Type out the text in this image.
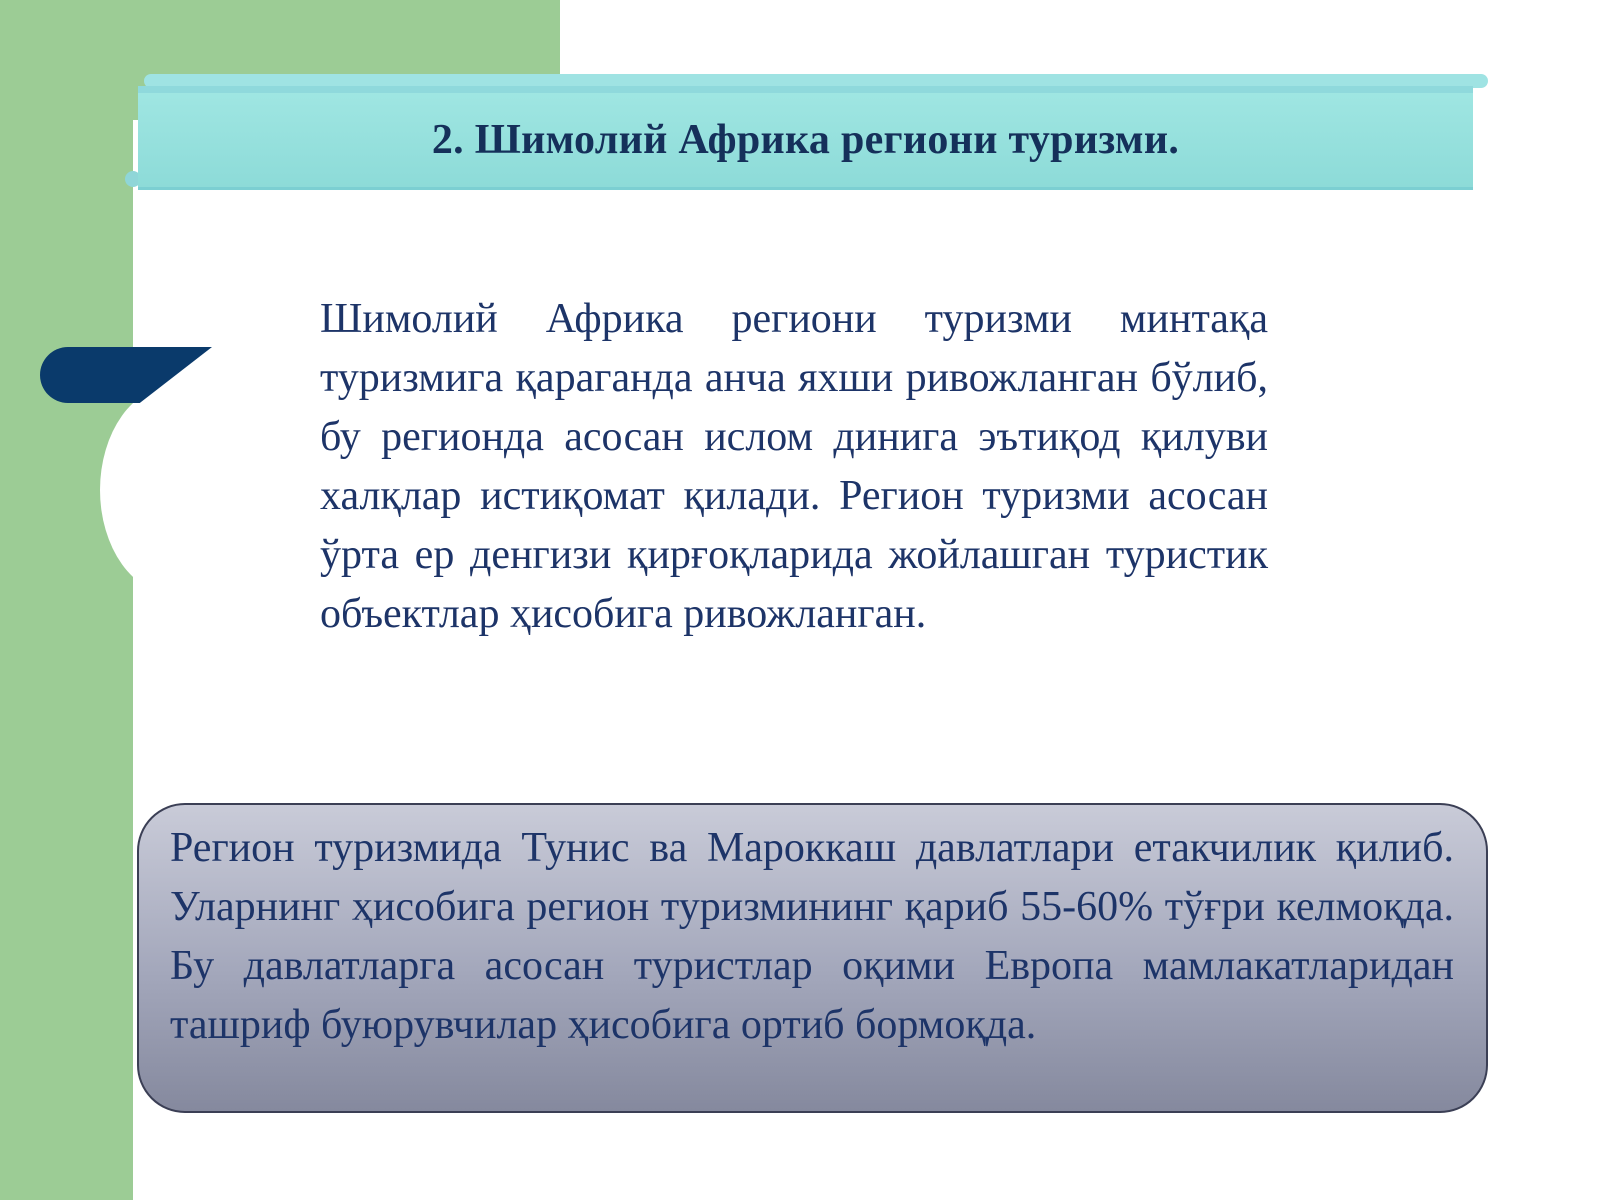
2. Шимолий Африка региони туризми.

Шимолий Африка региони туризми минтақа туризмига қараганда анча яхши ривожланган бўлиб, бу регионда асосан ислом динига эътиқод қилуви халқлар истиқомат қилади. Регион туризми асосан ўрта ер денгизи қирғоқларида жойлашган туристик объектлар ҳисобига ривожланган.

Регион туризмида Тунис ва Мароккаш давлатлари етакчилик қилиб. Уларнинг ҳисобига регион туризмининг қариб 55-60% тўғри келмоқда. Бу давлатларга асосан туристлар оқими Европа мамлакатларидан ташриф буюрувчилар ҳисобига ортиб бормоқда.
